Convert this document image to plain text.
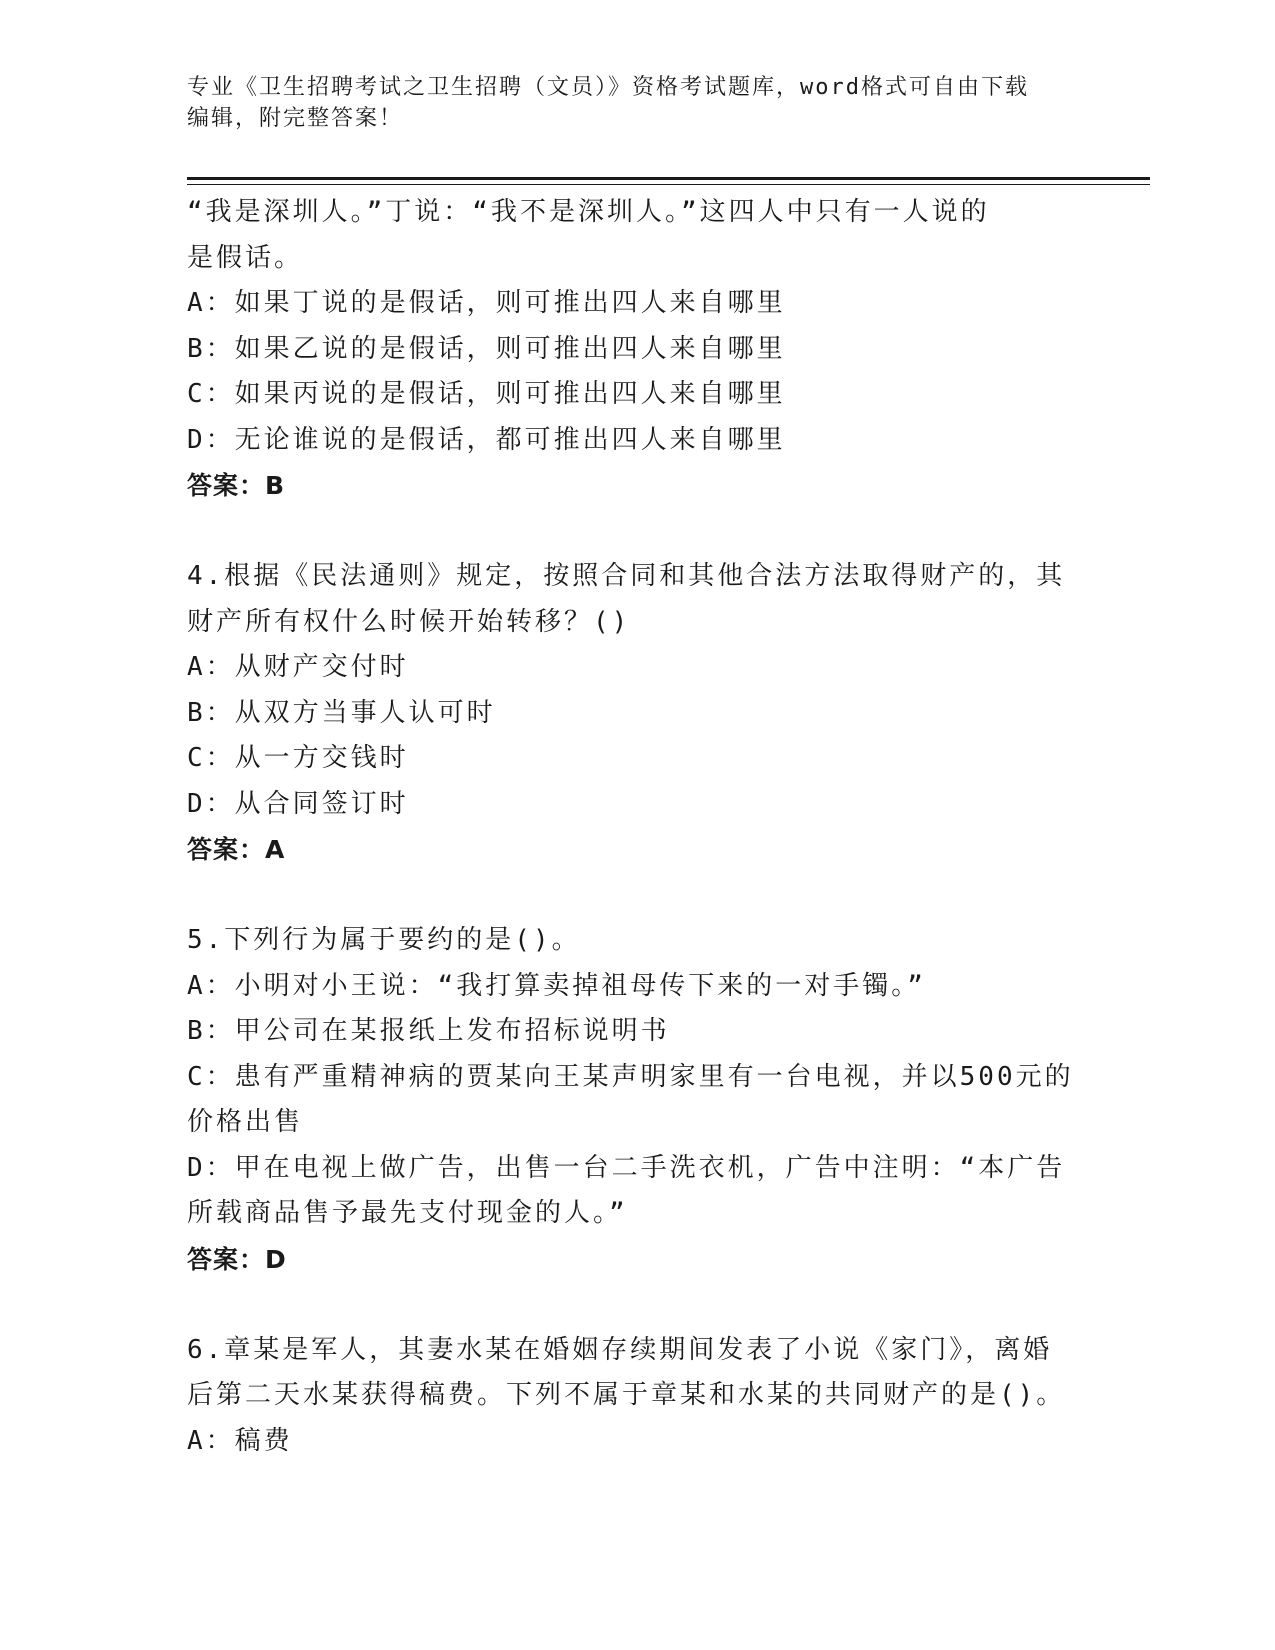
专业《卫生招聘考试之卫生招聘（文员）》资格考试题库，word格式可自由下载
编辑，附完整答案！
“我是深圳人。”丁说：“我不是深圳人。”这四人中只有一人说的
是假话。
A：如果丁说的是假话，则可推出四人来自哪里
B：如果乙说的是假话，则可推出四人来自哪里
C：如果丙说的是假话，则可推出四人来自哪里
D：无论谁说的是假话，都可推出四人来自哪里
答案：B
4.根据《民法通则》规定，按照合同和其他合法方法取得财产的，其
财产所有权什么时候开始转移？()
A：从财产交付时
B：从双方当事人认可时
C：从一方交钱时
D：从合同签订时
答案：A
5.下列行为属于要约的是()。
A：小明对小王说：“我打算卖掉祖母传下来的一对手镯。”
B：甲公司在某报纸上发布招标说明书
C：患有严重精神病的贾某向王某声明家里有一台电视，并以500元的
价格出售
D：甲在电视上做广告，出售一台二手洗衣机，广告中注明：“本广告
所载商品售予最先支付现金的人。”
答案：D
6.章某是军人，其妻水某在婚姻存续期间发表了小说《家门》，离婚
后第二天水某获得稿费。下列不属于章某和水某的共同财产的是()。
A：稿费
